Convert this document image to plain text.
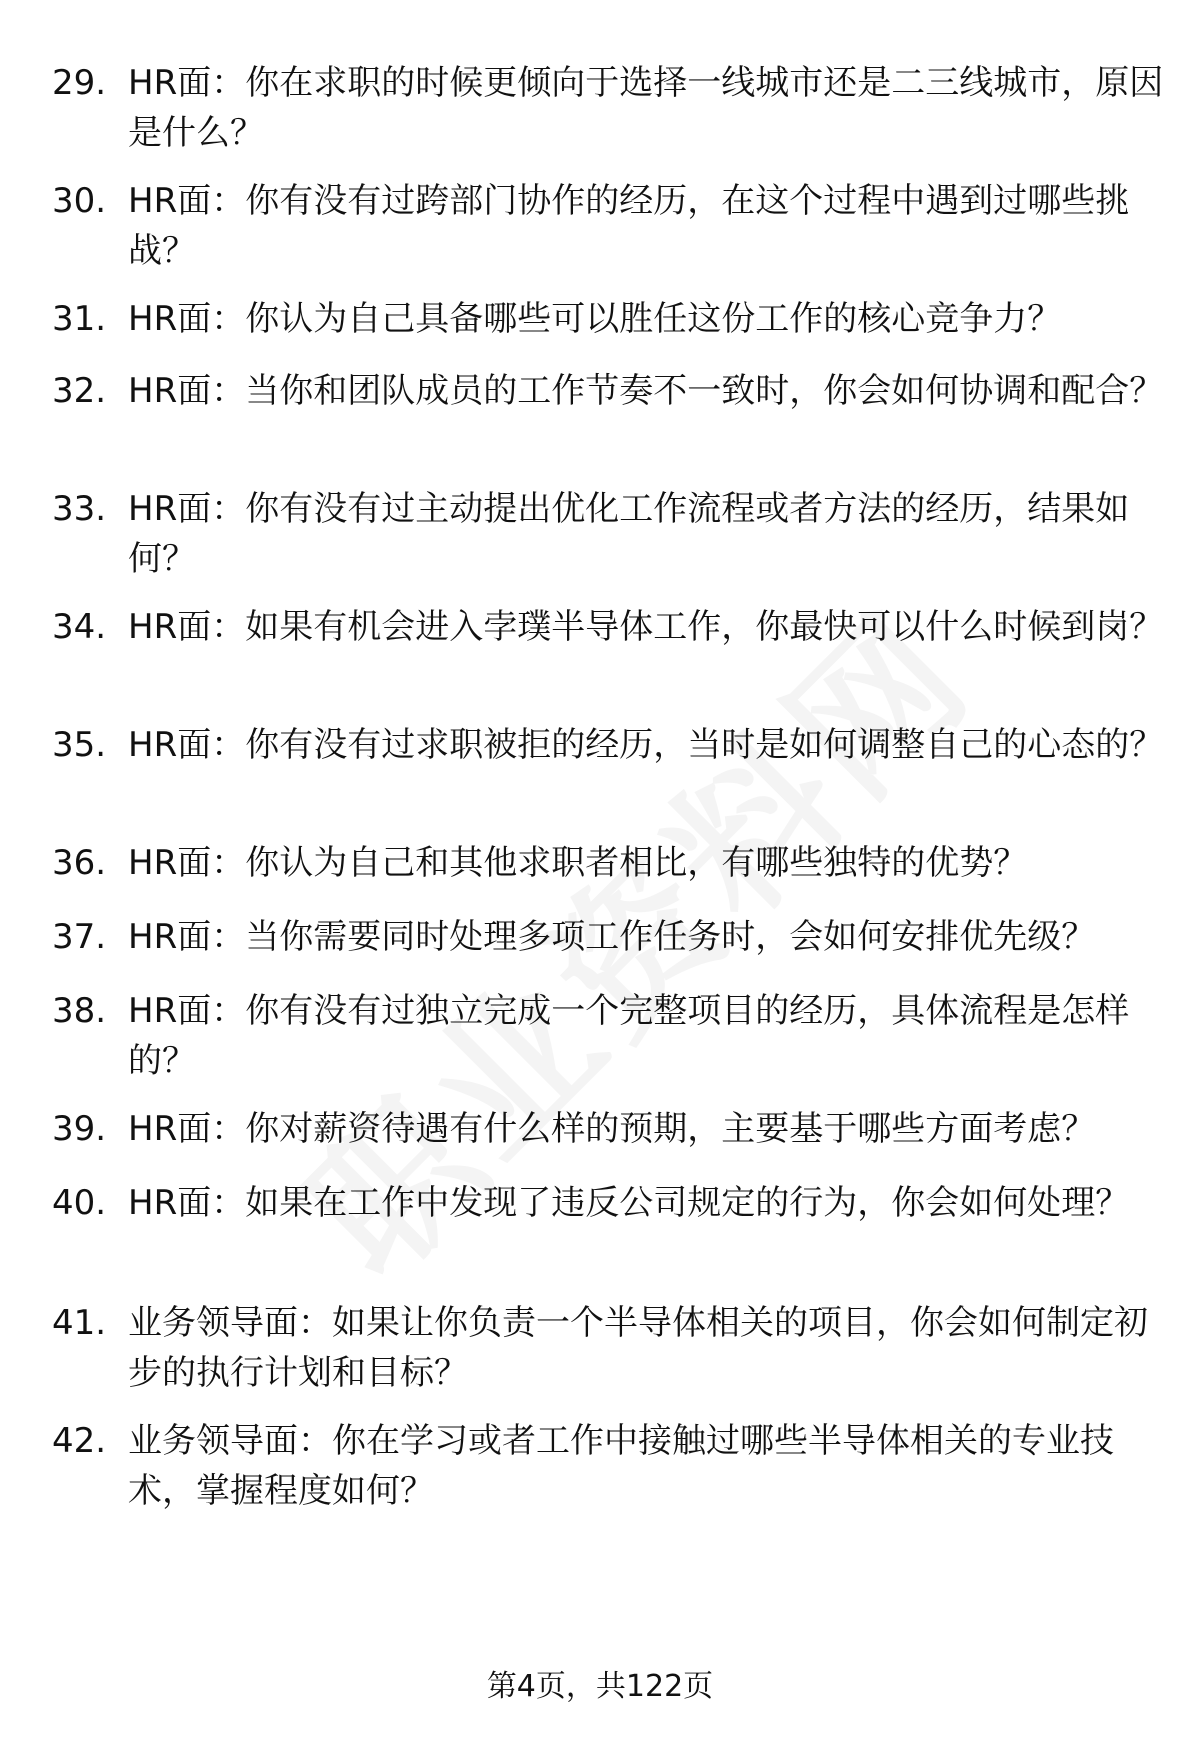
29. HR面：你在求职的时候更倾向于选择一线城市还是二三线城市，原因是什么？
30. HR面：你有没有过跨部门协作的经历，在这个过程中遇到过哪些挑战？
31. HR面：你认为自己具备哪些可以胜任这份工作的核心竞争力？
32. HR面：当你和团队成员的工作节奏不一致时，你会如何协调和配合？
33. HR面：你有没有过主动提出优化工作流程或者方法的经历，结果如何？
34. HR面：如果有机会进入孛璞半导体工作，你最快可以什么时候到岗？
35. HR面：你有没有过求职被拒的经历，当时是如何调整自己的心态的？
36. HR面：你认为自己和其他求职者相比，有哪些独特的优势？
37. HR面：当你需要同时处理多项工作任务时，会如何安排优先级？
38. HR面：你有没有过独立完成一个完整项目的经历，具体流程是怎样的？
39. HR面：你对薪资待遇有什么样的预期，主要基于哪些方面考虑？
40. HR面：如果在工作中发现了违反公司规定的行为，你会如何处理？
41. 业务领导面：如果让你负责一个半导体相关的项目，你会如何制定初步的执行计划和目标？
42. 业务领导面：你在学习或者工作中接触过哪些半导体相关的专业技术，掌握程度如何？
第4页，共122页
